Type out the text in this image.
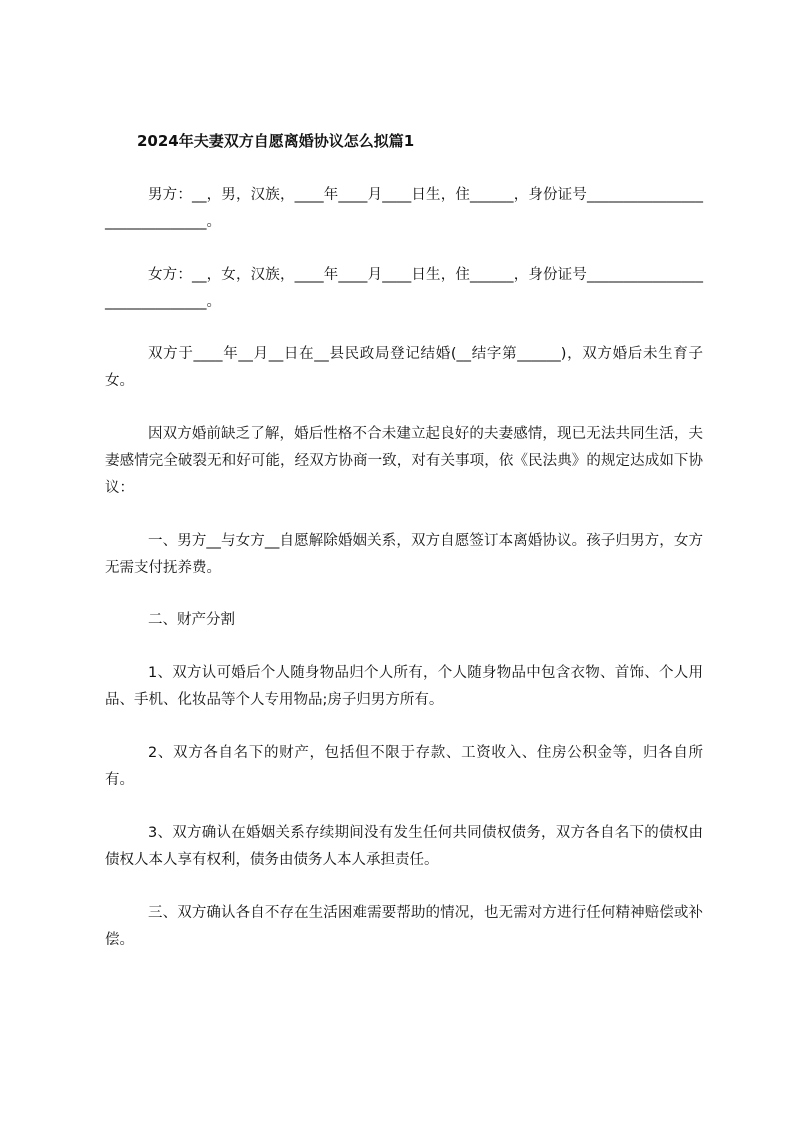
2024年夫妻双方自愿离婚协议怎么拟篇1

男方：__，男，汉族，____年____月____日生，住______，身份证号______________________________。

女方：__，女，汉族，____年____月____日生，住______，身份证号______________________________。

双方于____年__月__日在__县民政局登记结婚(__结字第______)，双方婚后未生育子女。

因双方婚前缺乏了解，婚后性格不合未建立起良好的夫妻感情，现已无法共同生活，夫妻感情完全破裂无和好可能，经双方协商一致，对有关事项，依《民法典》的规定达成如下协议：

一、男方__与女方__自愿解除婚姻关系，双方自愿签订本离婚协议。孩子归男方，女方无需支付抚养费。

二、财产分割

1、双方认可婚后个人随身物品归个人所有，个人随身物品中包含衣物、首饰、个人用品、手机、化妆品等个人专用物品;房子归男方所有。

2、双方各自名下的财产，包括但不限于存款、工资收入、住房公积金等，归各自所有。

3、双方确认在婚姻关系存续期间没有发生任何共同债权债务，双方各自名下的债权由债权人本人享有权利，债务由债务人本人承担责任。

三、双方确认各自不存在生活困难需要帮助的情况，也无需对方进行任何精神赔偿或补偿。
